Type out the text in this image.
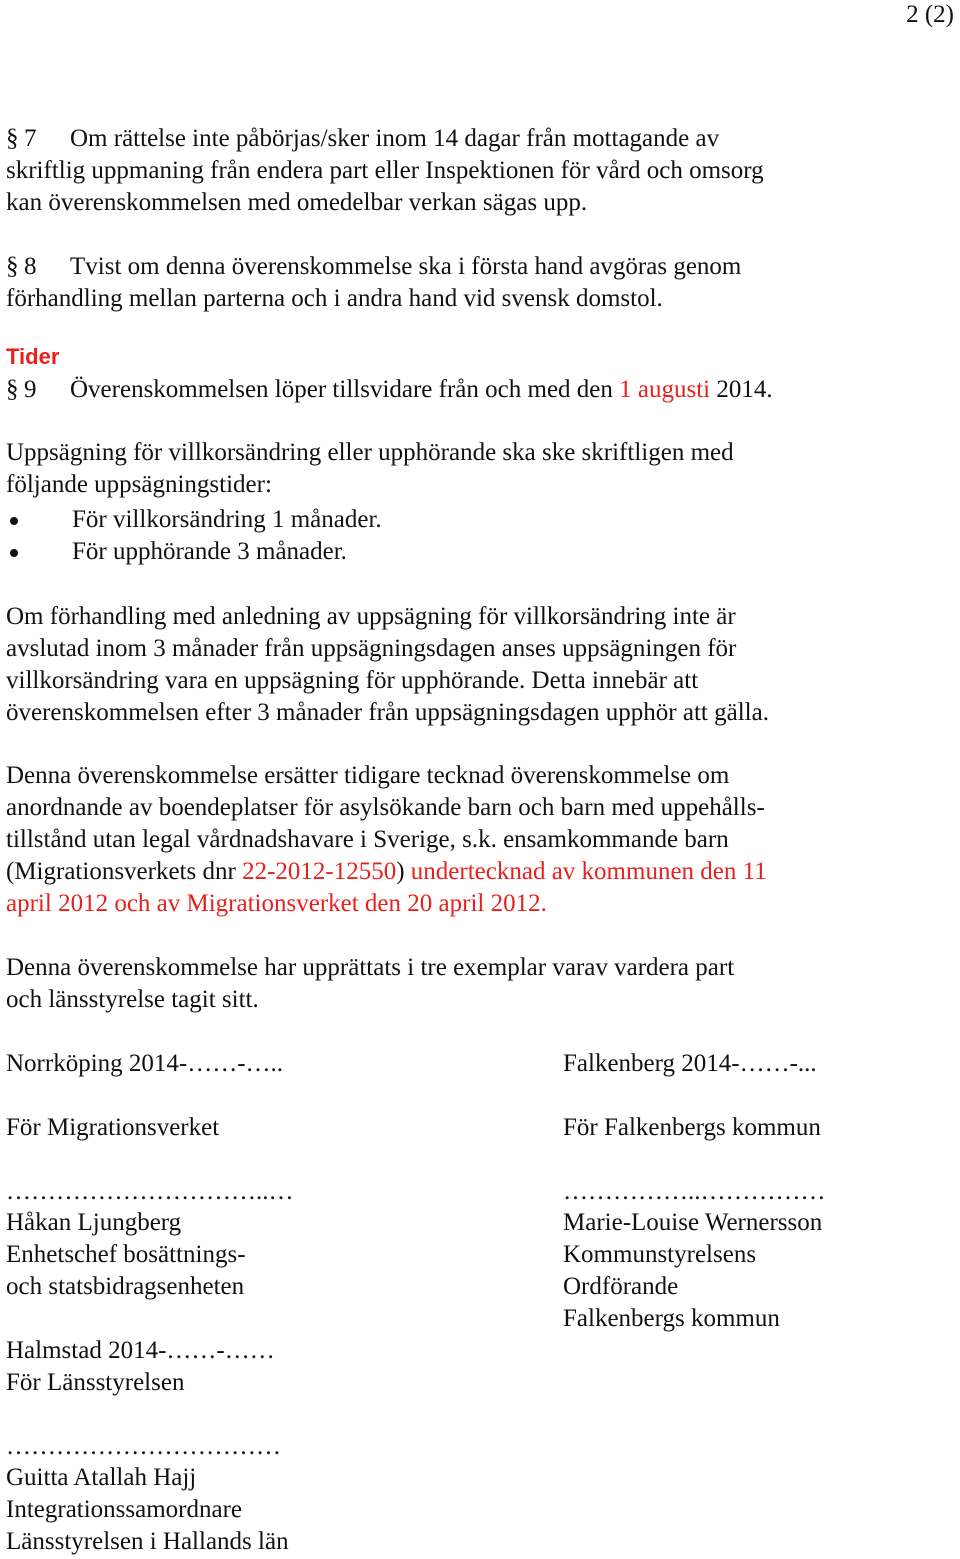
2 (2)
§ 7 Om rättelse inte påbörjas/sker inom 14 dagar från mottagande av
skriftlig uppmaning från endera part eller Inspektionen för vård och omsorg
kan överenskommelsen med omedelbar verkan sägas upp.
§ 8 Tvist om denna överenskommelse ska i första hand avgöras genom
förhandling mellan parterna och i andra hand vid svensk domstol.
Tider
§ 9 Överenskommelsen löper tillsvidare från och med den 1 augusti 2014.
Uppsägning för villkorsändring eller upphörande ska ske skriftligen med
följande uppsägningstider:
För villkorsändring 1 månader.
För upphörande 3 månader.
Om förhandling med anledning av uppsägning för villkorsändring inte är
avslutad inom 3 månader från uppsägningsdagen anses uppsägningen för
villkorsändring vara en uppsägning för upphörande. Detta innebär att
överenskommelsen efter 3 månader från uppsägningsdagen upphör att gälla.
Denna överenskommelse ersätter tidigare tecknad överenskommelse om
anordnande av boendeplatser för asylsökande barn och barn med uppehålls-
tillstånd utan legal vårdnadshavare i Sverige, s.k. ensamkommande barn
(Migrationsverkets dnr 22-2012-12550) undertecknad av kommunen den 11
april 2012 och av Migrationsverket den 20 april 2012.
Denna överenskommelse har upprättats i tre exemplar varav vardera part
och länsstyrelse tagit sitt.
Norrköping 2014-……-…..
För Migrationsverket
…………………………..…
Håkan Ljungberg
Enhetschef bosättnings-
och statsbidragsenheten
Falkenberg 2014-……-...
För Falkenbergs kommun
……………..……………
Marie-Louise Wernersson
Kommunstyrelsens
Ordförande
Falkenbergs kommun
Halmstad 2014-……-……
För Länsstyrelsen
……………………………
Guitta Atallah Hajj
Integrationssamordnare
Länsstyrelsen i Hallands län
